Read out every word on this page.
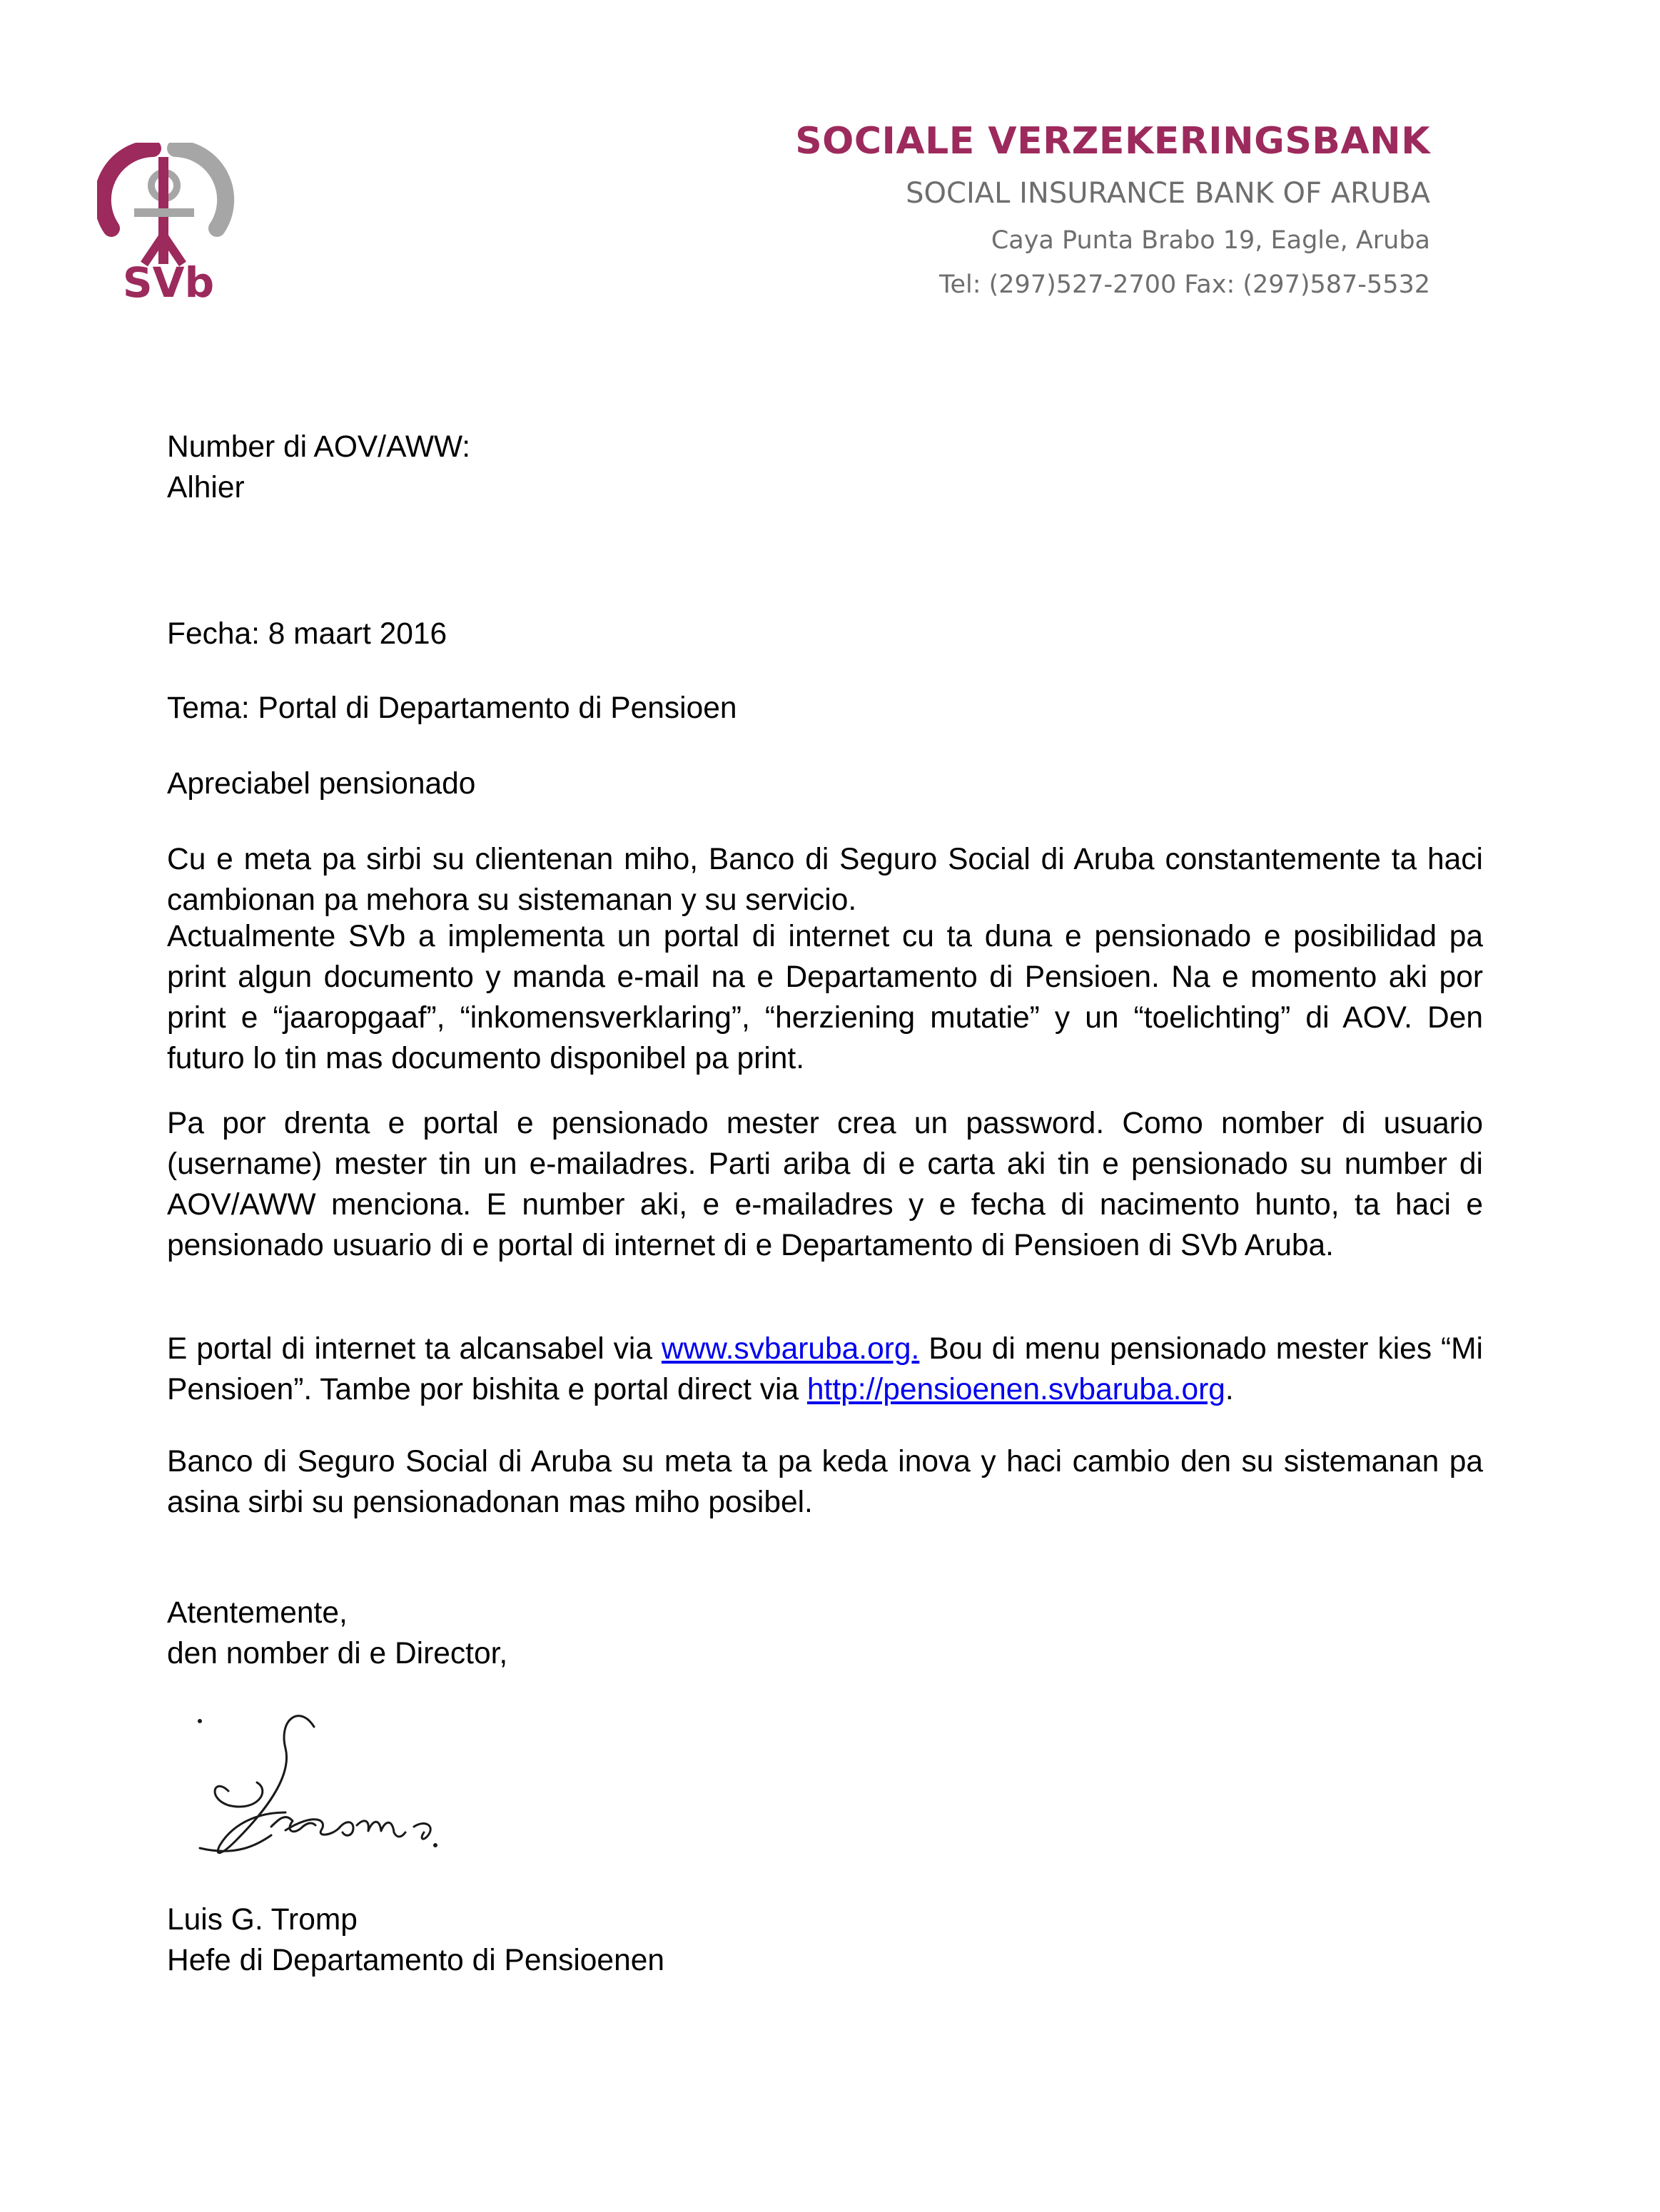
SVb
SOCIALE VERZEKERINGSBANK
SOCIAL INSURANCE BANK OF ARUBA
Caya Punta Brabo 19, Eagle, Aruba
Tel: (297)527-2700 Fax: (297)587-5532
Number di AOV/AWW:
Alhier
Fecha: 8 maart 2016
Tema: Portal di Departamento di Pensioen
Apreciabel pensionado
Cu e meta pa sirbi su clientenan miho, Banco di Seguro Social di Aruba constantemente ta haci cambionan pa mehora su sistemanan y su servicio.
Actualmente SVb a implementa un portal di internet cu ta duna e pensionado e posibilidad pa print algun documento y manda e-mail na e Departamento di Pensioen. Na e momento aki por print e “jaaropgaaf”, “inkomensverklaring”, “herziening mutatie” y un “toelichting” di AOV. Den futuro lo tin mas documento disponibel pa print.
Pa por drenta e portal e pensionado mester crea un password. Como nomber di usuario (username) mester tin un e-mailadres. Parti ariba di e carta aki tin e pensionado su number di AOV/AWW menciona. E number aki, e e-mailadres y e fecha di nacimento hunto, ta haci e pensionado usuario di e portal di internet di e Departamento di Pensioen di SVb Aruba.
E portal di internet ta alcansabel via www.svbaruba.org. Bou di menu pensionado mester kies “Mi Pensioen”. Tambe por bishita e portal direct via http://pensioenen.svbaruba.org.
Banco di Seguro Social di Aruba su meta ta pa keda inova y haci cambio den su sistemanan pa asina sirbi su pensionadonan mas miho posibel.
Atentemente,
den nomber di e Director,
Luis G. Tromp
Hefe di Departamento di Pensioenen
